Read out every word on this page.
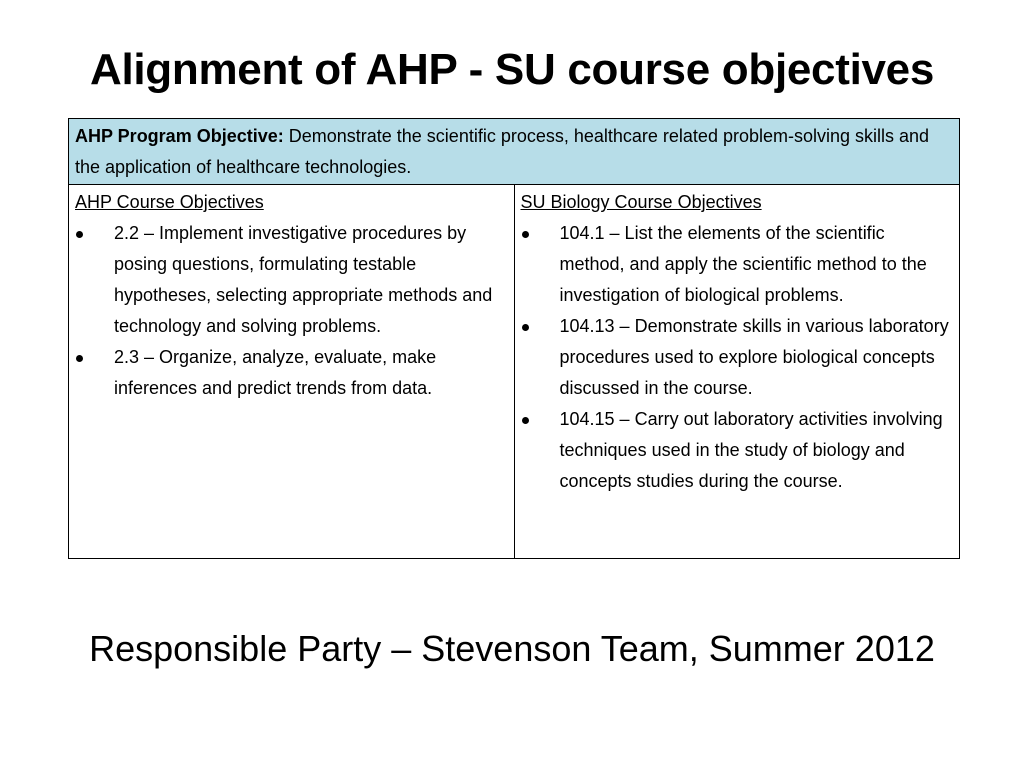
Alignment of AHP - SU course objectives
AHP Program Objective: Demonstrate the scientific process, healthcare related problem-solving skills and the application of healthcare technologies.

AHP Course Objectives
2.2 – Implement investigative procedures by posing questions, formulating testable hypotheses, selecting appropriate methods and technology and solving problems.
2.3 – Organize, analyze, evaluate, make inferences and predict trends from data.

SU Biology Course Objectives
104.1 – List the elements of the scientific method, and apply the scientific method to the investigation of biological problems.
104.13 – Demonstrate skills in various laboratory procedures used to explore biological concepts discussed in the course.
104.15 – Carry out laboratory activities involving techniques used in the study of biology and concepts studies during the course.

Responsible Party – Stevenson Team, Summer 2012
